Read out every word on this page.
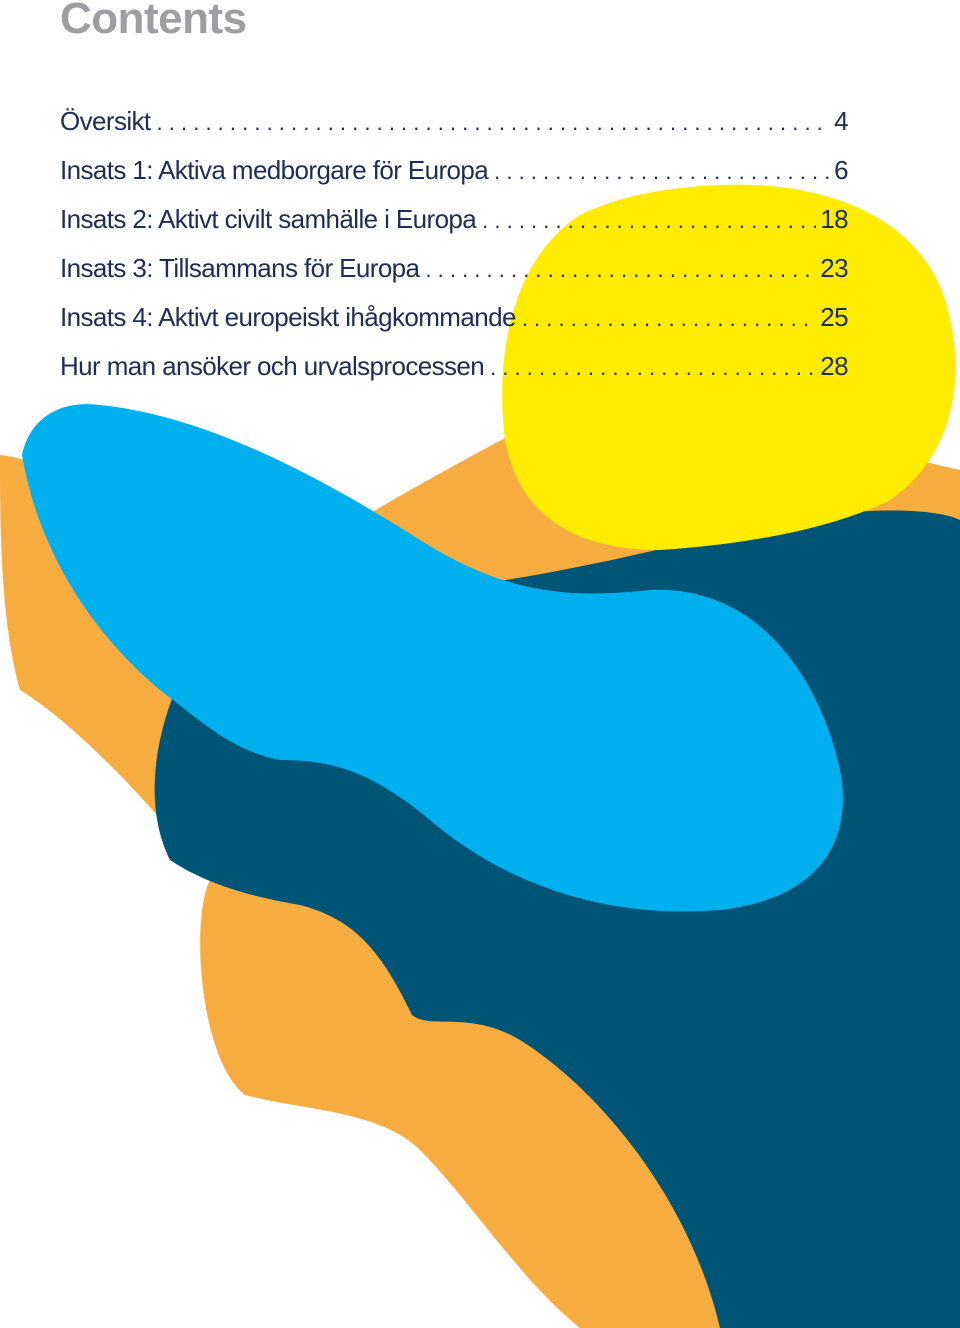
Contents
Översikt . . .	4
Insats 1: Aktiva medborgare för Europa . . .	6
Insats 2: Aktivt civilt samhälle i Europa . . .	18
Insats 3: Tillsammans för Europa . . .	23
Insats 4: Aktivt europeiskt ihågkommande . . .	25
Hur man ansöker och urvalsprocessen . . .	28
